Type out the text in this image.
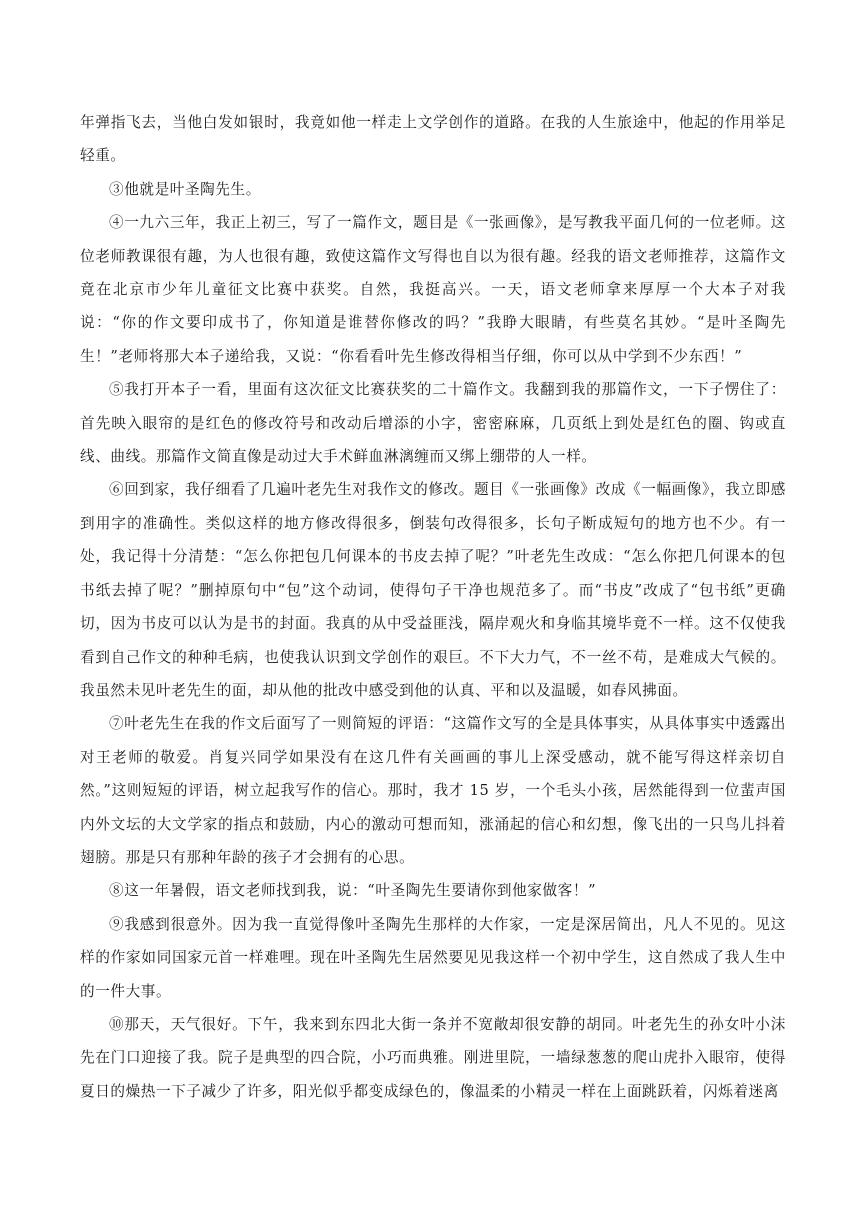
年弹指飞去，当他白发如银时，我竟如他一样走上文学创作的道路。在我的人生旅途中，他起的作用举足轻重。

③他就是叶圣陶先生。

④一九六三年，我正上初三，写了一篇作文，题目是《一张画像》，是写教我平面几何的一位老师。这位老师教课很有趣，为人也很有趣，致使这篇作文写得也自以为很有趣。经我的语文老师推荐，这篇作文竟在北京市少年儿童征文比赛中获奖。自然，我挺高兴。一天，语文老师拿来厚厚一个大本子对我说：“你的作文要印成书了，你知道是谁替你修改的吗？”我睁大眼睛，有些莫名其妙。“是叶圣陶先生！”老师将那大本子递给我，又说：“你看看叶先生修改得相当仔细，你可以从中学到不少东西！”

⑤我打开本子一看，里面有这次征文比赛获奖的二十篇作文。我翻到我的那篇作文，一下子愣住了：首先映入眼帘的是红色的修改符号和改动后增添的小字，密密麻麻，几页纸上到处是红色的圈、钩或直线、曲线。那篇作文简直像是动过大手术鲜血淋漓缠而又绑上绷带的人一样。

⑥回到家，我仔细看了几遍叶老先生对我作文的修改。题目《一张画像》改成《一幅画像》，我立即感到用字的准确性。类似这样的地方修改得很多，倒装句改得很多，长句子断成短句的地方也不少。有一处，我记得十分清楚：“怎么你把包几何课本的书皮去掉了呢？”叶老先生改成：“怎么你把几何课本的包书纸去掉了呢？”删掉原句中“包”这个动词，使得句子干净也规范多了。而“书皮”改成了“包书纸”更确切，因为书皮可以认为是书的封面。我真的从中受益匪浅，隔岸观火和身临其境毕竟不一样。这不仅使我看到自己作文的种种毛病，也使我认识到文学创作的艰巨。不下大力气，不一丝不苟，是难成大气候的。我虽然未见叶老先生的面，却从他的批改中感受到他的认真、平和以及温暖，如春风拂面。

⑦叶老先生在我的作文后面写了一则简短的评语：“这篇作文写的全是具体事实，从具体事实中透露出对王老师的敬爱。肖复兴同学如果没有在这几件有关画画的事儿上深受感动，就不能写得这样亲切自然。”这则短短的评语，树立起我写作的信心。那时，我才 15 岁，一个毛头小孩，居然能得到一位蜚声国内外文坛的大文学家的指点和鼓励，内心的激动可想而知，涨涌起的信心和幻想，像飞出的一只鸟儿抖着翅膀。那是只有那种年龄的孩子才会拥有的心思。

⑧这一年暑假，语文老师找到我，说：“叶圣陶先生要请你到他家做客！”

⑨我感到很意外。因为我一直觉得像叶圣陶先生那样的大作家，一定是深居简出，凡人不见的。见这样的作家如同国家元首一样难哩。现在叶圣陶先生居然要见见我这样一个初中学生，这自然成了我人生中的一件大事。

⑩那天，天气很好。下午，我来到东四北大街一条并不宽敞却很安静的胡同。叶老先生的孙女叶小沫先在门口迎接了我。院子是典型的四合院，小巧而典雅。刚进里院，一墙绿葱葱的爬山虎扑入眼帘，使得夏日的燥热一下子减少了许多，阳光似乎都变成绿色的，像温柔的小精灵一样在上面跳跃着，闪烁着迷离
